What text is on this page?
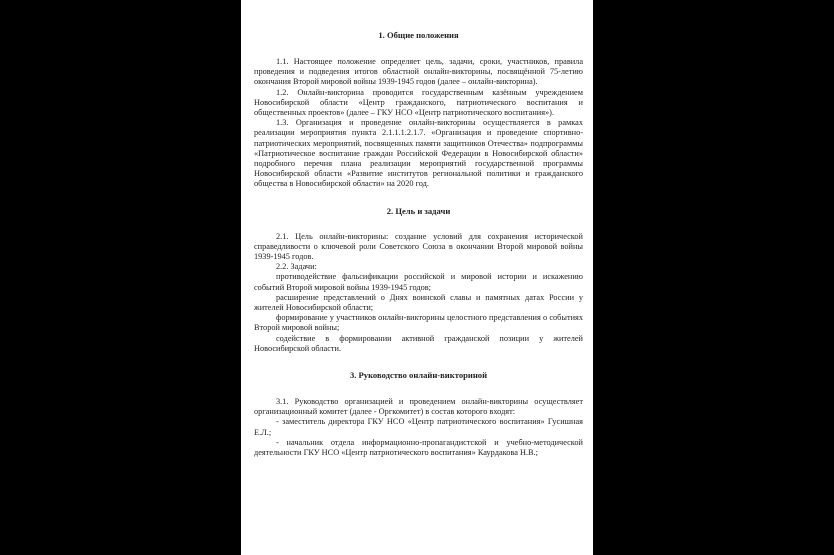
1. Общие положения

1.1. Настоящее положение определяет цель, задачи, сроки, участников, правила проведения и подведения итогов областной онлайн-викторины, посвящённой 75-летию окончания Второй мировой войны 1939-1945 годов (далее – онлайн-викторина).

1.2. Онлайн-викторина проводится государственным казённым учреждением Новосибирской области «Центр гражданского, патриотического воспитания и общественных проектов» (далее – ГКУ НСО «Центр патриотического воспитания»).

1.3. Организация и проведение онлайн-викторины осуществляется в рамках реализации мероприятия пункта 2.1.1.1.2.1.7. «Организация и проведение спортивно-патриотических мероприятий, посвященных памяти защитников Отечества» подпрограммы «Патриотическое воспитание граждан Российской Федерации в Новосибирской области» подробного перечня плана реализации мероприятий государственной программы Новосибирской области «Развитие институтов региональной политики и гражданского общества в Новосибирской области» на 2020 год.

2. Цель и задачи

2.1. Цель онлайн-викторины: создание условий для сохранения исторической справедливости о ключевой роли Советского Союза в окончании Второй мировой войны 1939-1945 годов.

2.2. Задачи:

противодействие фальсификации российской и мировой истории и искажению событий Второй мировой войны 1939-1945 годов;

расширение представлений о Днях воинской славы и памятных датах России у жителей Новосибирской области;

формирование у участников онлайн-викторины целостного представления о событиях Второй мировой войны;

содействие в формировании активной гражданской позиции у жителей Новосибирской области.

3. Руководство онлайн-викториной

3.1. Руководство организацией и проведением онлайн-викторины осуществляет организационный комитет (далее - Оргкомитет) в состав которого входят:

- заместитель директора ГКУ НСО «Центр патриотического воспитания» Гусишная Е.Л.;

- начальник отдела информационно-пропагандистской и учебно-методической деятельности ГКУ НСО «Центр патриотического воспитания» Каурдакова Н.В.;
